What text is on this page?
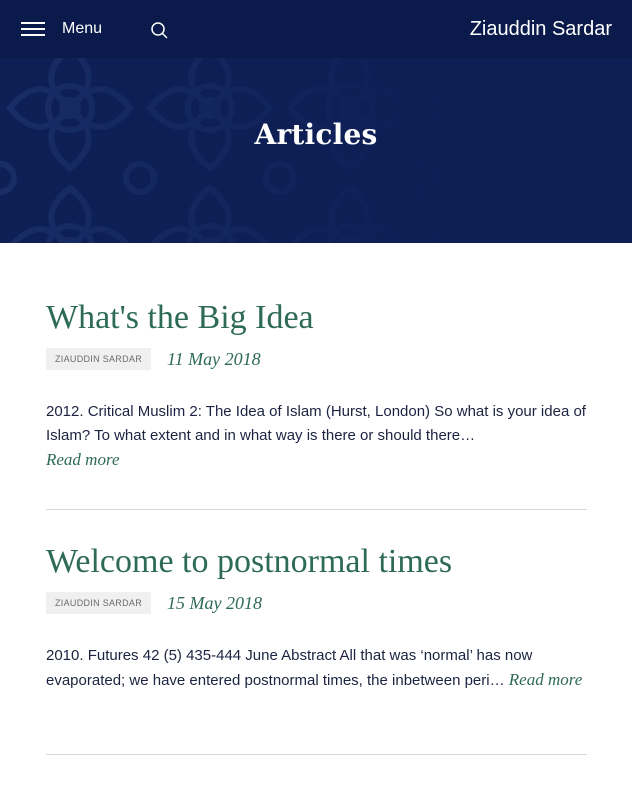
Menu	Ziauddin Sardar
Articles
What's the Big Idea
ZIAUDDIN SARDAR	11 May 2018

2012. Critical Muslim 2: The Idea of Islam (Hurst, London) So what is your idea of Islam? To what extent and in what way is there or should there…
Read more

Welcome to postnormal times
ZIAUDDIN SARDAR	15 May 2018

2010. Futures 42 (5) 435-444 June Abstract All that was ‘normal’ has now evaporated; we have entered postnormal times, the inbetween peri… Read more
